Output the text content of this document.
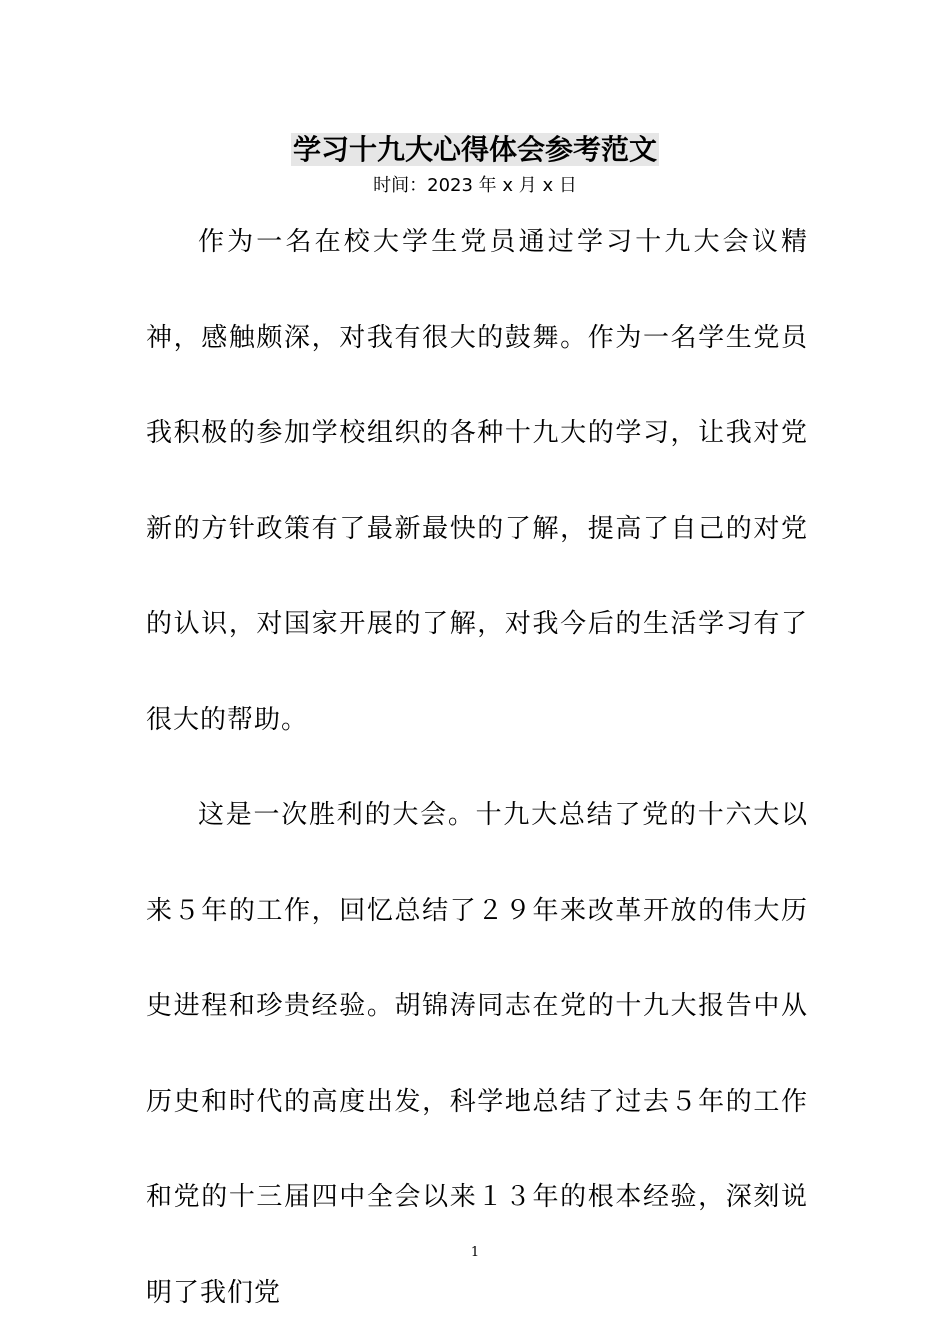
学习十九大心得体会参考范文
时间：2023 年 x 月 x 日

作为一名在校大学生党员通过学习十九大会议精神，感触颇深，对我有很大的鼓舞。作为一名学生党员我积极的参加学校组织的各种十九大的学习，让我对党新的方针政策有了最新最快的了解，提高了自己的对党的认识，对国家开展的了解，对我今后的生活学习有了很大的帮助。

这是一次胜利的大会。十九大总结了党的十六大以来５年的工作，回忆总结了２９年来改革开放的伟大历史进程和珍贵经验。胡锦涛同志在党的十九大报告中从历史和时代的高度出发，科学地总结了过去５年的工作和党的十三届四中全会以来１３年的根本经验，深刻说明了我们党

1
